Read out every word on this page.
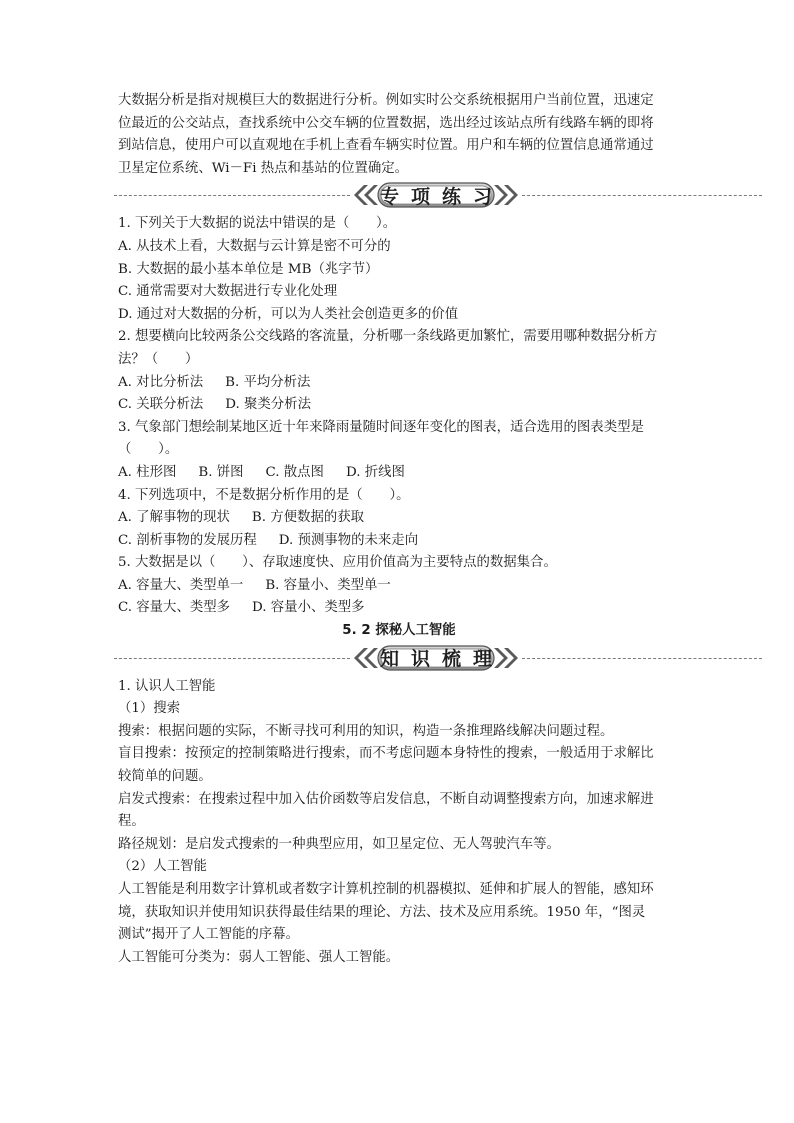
大数据分析是指对规模巨大的数据进行分析。例如实时公交系统根据用户当前位置，迅速定

位最近的公交站点，查找系统中公交车辆的位置数据，选出经过该站点所有线路车辆的即将

到站信息，使用户可以直观地在手机上查看车辆实时位置。用户和车辆的位置信息通常通过

卫星定位系统、Wi－Fi 热点和基站的位置确定。

专 项 练 习

1. 下列关于大数据的说法中错误的是（　　）。

A. 从技术上看，大数据与云计算是密不可分的

B. 大数据的最小基本单位是 MB（兆字节）

C. 通常需要对大数据进行专业化处理

D. 通过对大数据的分析，可以为人类社会创造更多的价值

2. 想要横向比较两条公交线路的客流量，分析哪一条线路更加繁忙，需要用哪种数据分析方

法？（　　）

A. 对比分析法 B. 平均分析法
C. 关联分析法 D. 聚类分析法

3. 气象部门想绘制某地区近十年来降雨量随时间逐年变化的图表，适合选用的图表类型是

（　　）。

A. 柱形图 B. 饼图 C. 散点图 D. 折线图

4. 下列选项中，不是数据分析作用的是（　　）。

A. 了解事物的现状 B. 方便数据的获取
C. 剖析事物的发展历程 D. 预测事物的未来走向

5. 大数据是以（　　）、存取速度快、应用价值高为主要特点的数据集合。

A. 容量大、类型单一 B. 容量小、类型单一
C. 容量大、类型多 D. 容量小、类型多

5. 2 探秘人工智能

知 识 梳 理

1. 认识人工智能

（1）搜索

搜索：根据问题的实际，不断寻找可利用的知识，构造一条推理路线解决问题过程。

盲目搜索：按预定的控制策略进行搜索，而不考虑问题本身特性的搜索，一般适用于求解比

较简单的问题。

启发式搜索：在搜索过程中加入估价函数等启发信息，不断自动调整搜索方向，加速求解进

程。

路径规划：是启发式搜索的一种典型应用，如卫星定位、无人驾驶汽车等。

（2）人工智能

人工智能是利用数字计算机或者数字计算机控制的机器模拟、延伸和扩展人的智能，感知环

境，获取知识并使用知识获得最佳结果的理论、方法、技术及应用系统。1950 年，“图灵

测试”揭开了人工智能的序幕。

人工智能可分类为：弱人工智能、强人工智能。
